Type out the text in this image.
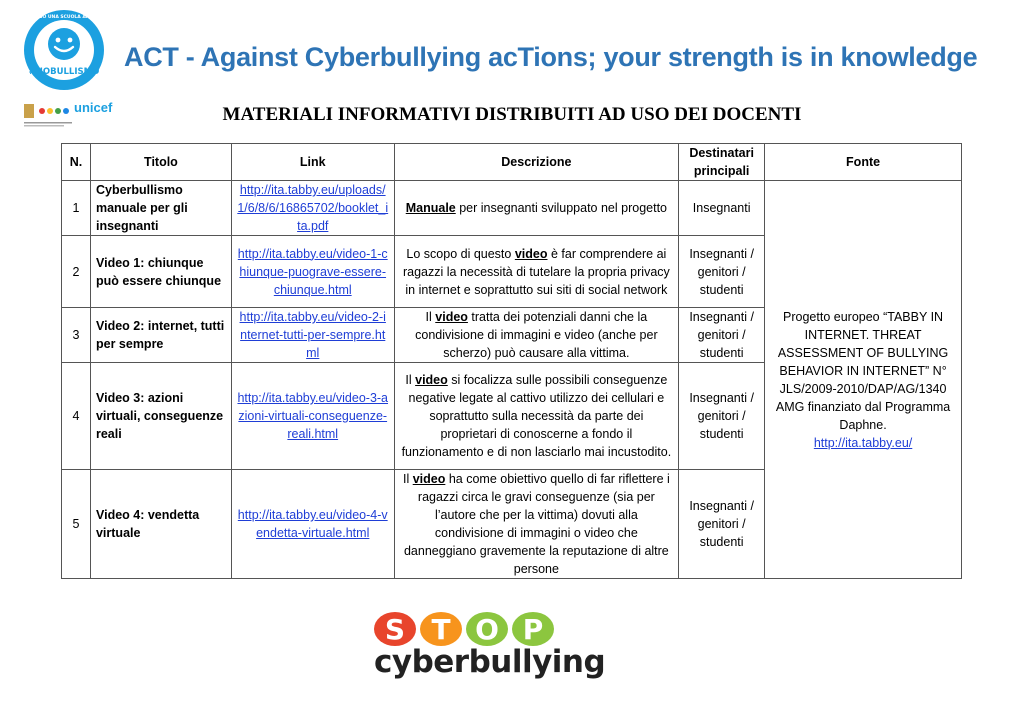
#NOBULLISMO
VERSO UNA SCUOLA AMICA
ACT - Against Cyberbullying acTions; your strength is in knowledge
unicef	MATERIALI INFORMATIVI DISTRIBUITI AD USO DEI DOCENTI
N.	Titolo	Link	Descrizione	Destinatari principali	Fonte
1	Cyberbullismo manuale per gli insegnanti	http://ita.tabby.eu/uploads/1/6/8/6/16865702/booklet_ita.pdf	Manuale per insegnanti sviluppato nel progetto	Insegnanti	Progetto europeo “TABBY IN INTERNET. THREAT ASSESSMENT OF BULLYING BEHAVIOR IN INTERNET” N° JLS/2009-2010/DAP/AG/1340 AMG finanziato dal Programma Daphne.
http://ita.tabby.eu/
2	Video 1: chiunque può essere chiunque	http://ita.tabby.eu/video-1-chiunque-puograve-essere-chiunque.html	Lo scopo di questo video è far comprendere ai ragazzi la necessità di tutelare la propria privacy in internet e soprattutto sui siti di social network	Insegnanti / genitori / studenti	
3	Video 2: internet, tutti per sempre	http://ita.tabby.eu/video-2-internet-tutti-per-sempre.html	Il video tratta dei potenziali danni che la condivisione di immagini e video (anche per scherzo) può causare alla vittima.	Insegnanti / genitori / studenti	
4	Video 3: azioni virtuali, conseguenze reali	http://ita.tabby.eu/video-3-azioni-virtuali-conseguenze-reali.html	Il video si focalizza sulle possibili conseguenze negative legate al cattivo utilizzo dei cellulari e soprattutto sulla necessità da parte dei proprietari di conoscerne a fondo il funzionamento e di non lasciarlo mai incustodito.	Insegnanti / genitori / studenti	
5	Video 4: vendetta virtuale	http://ita.tabby.eu/video-4-vendetta-virtuale.html	Il video ha come obiettivo quello di far riflettere i ragazzi circa le gravi conseguenze (sia per l’autore che per la vittima) dovuti alla condivisione di immagini o video che danneggiano gravemente la reputazione di altre persone	Insegnanti / genitori / studenti	
S T O P
cyberbullying
